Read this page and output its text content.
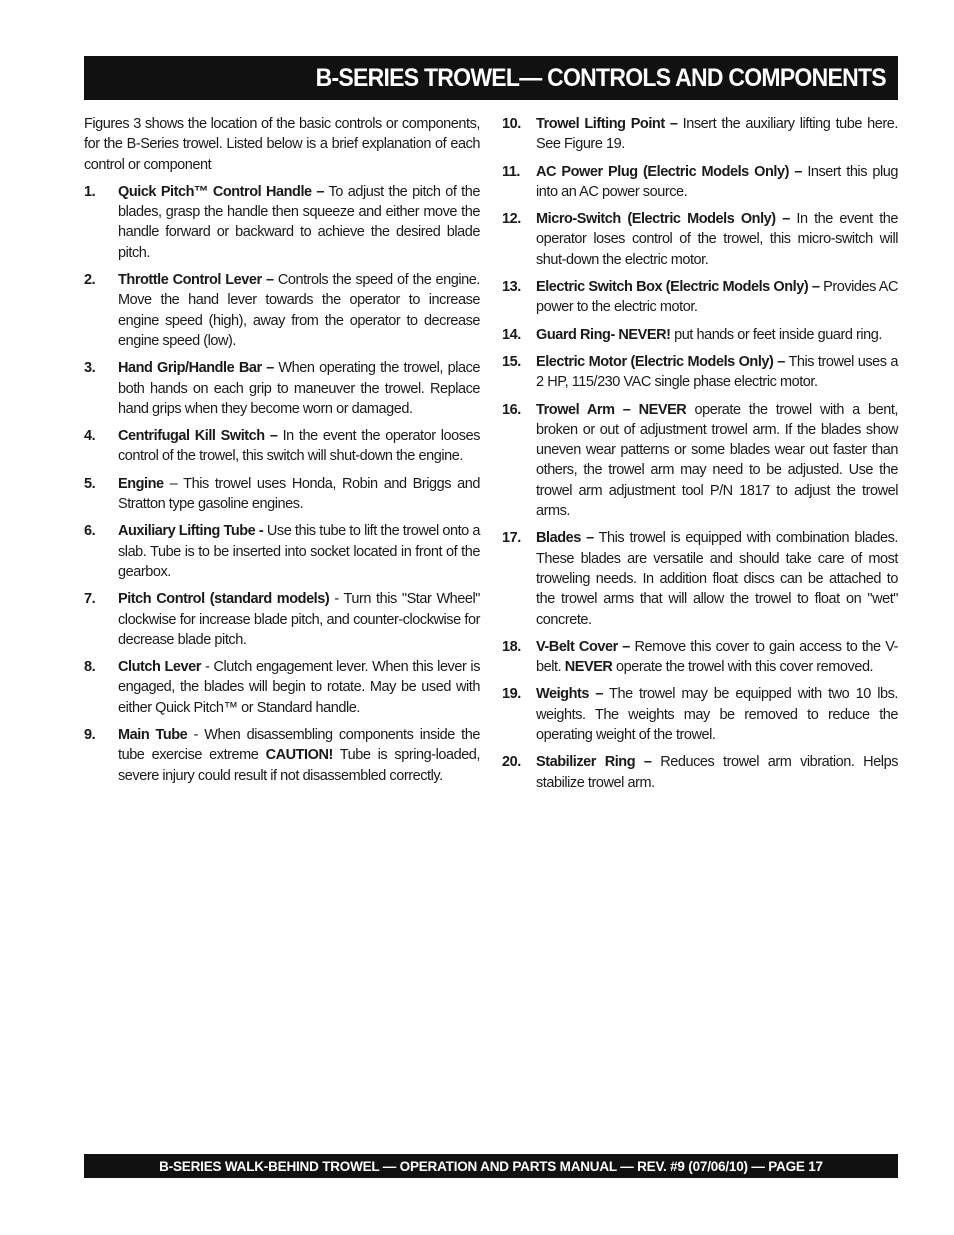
B-SERIES TROWEL— CONTROLS AND COMPONENTS

Figures 3 shows the location of the basic controls or components, for the B-Series trowel. Listed below is a brief explanation of each control or component

1.	Quick Pitch™ Control Handle – To adjust the pitch of the blades, grasp the handle then squeeze and either move the handle forward or backward to achieve the desired blade pitch.
2.	Throttle Control Lever – Controls the speed of the engine. Move the hand lever towards the operator to increase engine speed (high), away from the operator to decrease engine speed (low).
3.	Hand Grip/Handle Bar – When operating the trowel, place both hands on each grip to maneuver the trowel. Replace hand grips when they become worn or damaged.
4.	Centrifugal Kill Switch – In the event the operator looses control of the trowel, this switch will shut-down the engine.
5.	Engine – This trowel uses Honda, Robin and Briggs and Stratton type gasoline engines.
6.	Auxiliary Lifting Tube - Use this tube to lift the trowel onto a slab. Tube is to be inserted into socket located in front of the gearbox.
7.	Pitch Control (standard models) - Turn this "Star Wheel" clockwise for increase blade pitch, and counter-clockwise for decrease blade pitch.
8.	Clutch Lever - Clutch engagement lever. When this lever is engaged, the blades will begin to rotate. May be used with either Quick Pitch™ or Standard handle.
9.	Main Tube - When disassembling components inside the tube exercise extreme CAUTION! Tube is spring-loaded, severe injury could result if not disassembled correctly.
10.	Trowel Lifting Point – Insert the auxiliary lifting tube here. See Figure 19.
11.	AC Power Plug (Electric Models Only) – Insert this plug into an AC power source.
12.	Micro-Switch (Electric Models Only) – In the event the operator loses control of the trowel, this micro-switch will shut-down the electric motor.
13.	Electric Switch Box (Electric Models Only) – Provides AC power to the electric motor.
14.	Guard Ring- NEVER! put hands or feet inside guard ring.
15.	Electric Motor (Electric Models Only) – This trowel uses a 2 HP, 115/230 VAC single phase electric motor.
16.	Trowel Arm – NEVER operate the trowel with a bent, broken or out of adjustment trowel arm. If the blades show uneven wear patterns or some blades wear out faster than others, the trowel arm may need to be adjusted. Use the trowel arm adjustment tool P/N 1817 to adjust the trowel arms.
17.	Blades – This trowel is equipped with combination blades. These blades are versatile and should take care of most troweling needs. In addition float discs can be attached to the trowel arms that will allow the trowel to float on "wet" concrete.
18.	V-Belt Cover – Remove this cover to gain access to the V-belt. NEVER operate the trowel with this cover removed.
19.	Weights – The trowel may be equipped with two 10 lbs. weights. The weights may be removed to reduce the operating weight of the trowel.
20.	Stabilizer Ring – Reduces trowel arm vibration. Helps stabilize trowel arm.
B-SERIES WALK-BEHIND TROWEL — OPERATION AND PARTS MANUAL — REV. #9 (07/06/10) — PAGE 17
